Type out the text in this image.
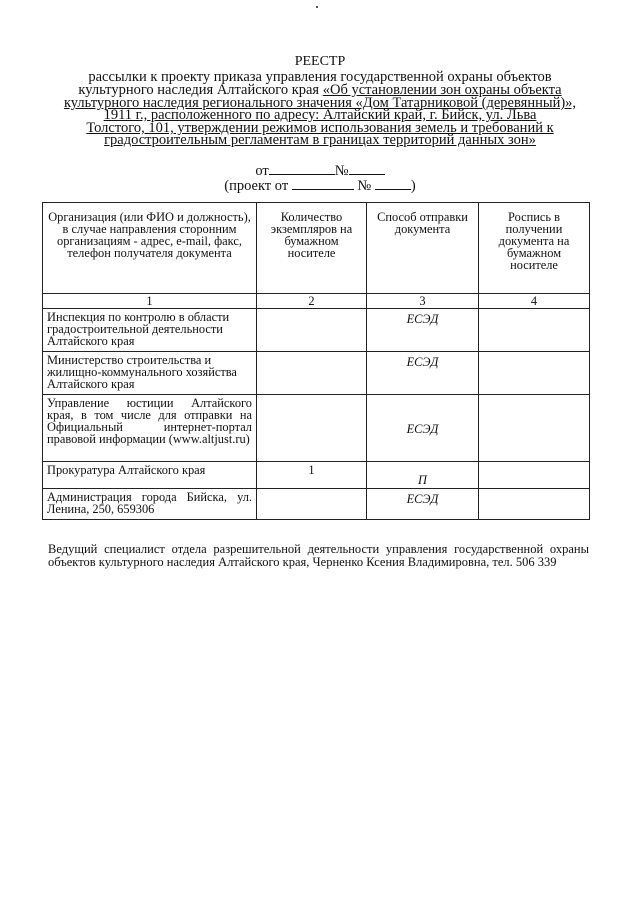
РЕЕСТР
рассылки к проекту приказа управления государственной охраны объектов
культурного наследия Алтайского края «Об установлении зон охраны объекта
культурного наследия регионального значения «Дом Татарниковой (деревянный)»,
1911 г., расположенного по адресу: Алтайский край, г. Бийск, ул. Льва
Толстого, 101, утверждении режимов использования земель и требований к
градостроительным регламентам в границах территорий данных зон»
от	№
(проект от	№	)
Организация (или ФИО и должность), в случае направления сторонним организациям - адрес, e-mail, факс, телефон получателя документа	Количество экземпляров на бумажном носителе	Способ отправки документа	Роспись в получении документа на бумажном носителе
1	2	3	4
Инспекция по контролю в области градостроительной деятельности Алтайского края		ЕСЭД	
Министерство строительства и жилищно-коммунального хозяйства Алтайского края		ЕСЭД	
Управление юстиции Алтайского края, в том числе для отправки на Официальный интернет-портал правовой информации (www.altjust.ru)		ЕСЭД	
Прокуратура Алтайского края	1	П	
Администрация города Бийска, ул. Ленина, 250, 659306		ЕСЭД	
Ведущий специалист отдела разрешительной деятельности управления государственной охраны объектов культурного наследия Алтайского края, Черненко Ксения Владимировна, тел. 506 339
